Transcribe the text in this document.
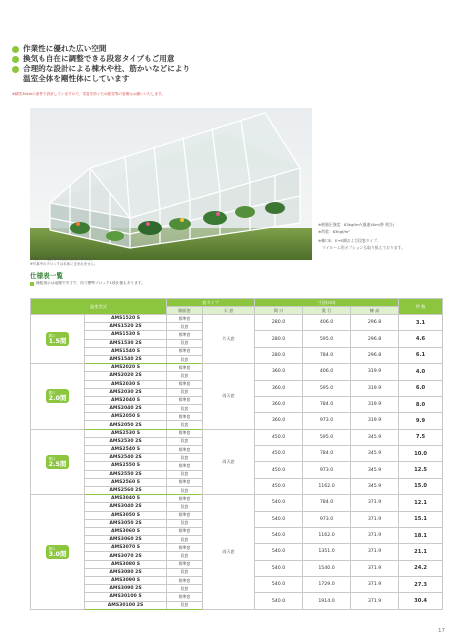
作業性に優れた広い空間
換気も自在に調整できる段窓タイプもご用意
合理的な設計による棟木や柱、筋かいなどにより
温室全体を剛性体にしています
※積雪30cmの条件で設計していますので、雪害を防ぐため除雪等の管理はお願いいたします。
AMS3070 S
（標準タイプ）
※写真中の花鉢等は商品に含まれません。
※写真中のプロックは本体に含まれません。
※耐風圧強度：83kgf/m²(風速40m/秒 相当)
※荷重：83kgf/m²
※棟口E、E→S側および段窓タイプ、
マイルーム用オプションも取り扱えております。
仕様表一覧
棟数指示は南側で外寸で、同寸標準ブロック1段仕様もあります。
温室型式		窓タイプ		寸法(cm)			坪 数
		側面窓	天 窓	間 口	奥 行	棟 高	

間口
1.5間	AMS1520 S	標準窓	片天窓	280.0	406.0	296.8	3.1
	AMS1520 2S	段窓					
	AMS1530 S	標準窓		280.0	595.0	296.8	4.6
	AMS1530 2S	段窓					
	AMS1540 S	標準窓		280.0	784.0	296.8	6.1
	AMS1540 2S	段窓					

間口
2.0間	AMS2020 S	標準窓	両天窓	360.0	406.0	319.9	4.0
	AMS2020 2S	段窓					
	AMS2030 S	標準窓		360.0	595.0	319.9	6.0
	AMS2030 2S	段窓					
	AMS2040 S	標準窓		360.0	784.0	319.9	8.0
	AMS2040 2S	段窓					
	AMS2050 S	標準窓		360.0	973.0	319.9	9.9
	AMS2050 2S	段窓					

間口
2.5間	AMS2530 S	標準窓	両天窓	450.0	595.0	345.9	7.5
	AMS2530 2S	段窓					
	AMS2540 S	標準窓		450.0	784.0	345.9	10.0
	AMS2540 2S	段窓					
	AMS2550 S	標準窓		450.0	973.0	345.9	12.5
	AMS2550 2S	段窓					
	AMS2560 S	標準窓		450.0	1162.0	345.9	15.0
	AMS2560 2S	段窓					

間口
3.0間	AMS3040 S	標準窓	両天窓	540.0	784.0	371.9	12.1
	AMS3040 2S	段窓					
	AMS3050 S	標準窓		540.0	973.0	371.9	15.1
	AMS3050 2S	段窓					
	AMS3060 S	標準窓		540.0	1162.0	371.9	18.1
	AMS3060 2S	段窓					
	AMS3070 S	標準窓		540.0	1351.0	371.9	21.1
	AMS3070 2S	段窓					
	AMS3080 S	標準窓		540.0	1540.0	371.9	24.2
	AMS3080 2S	段窓					
	AMS3090 S	標準窓		540.0	1729.0	371.9	27.3
	AMS3090 2S	段窓					
	AMS30100 S	標準窓		540.0	1914.0	371.9	30.4
	AMS30100 2S	段窓					
17
